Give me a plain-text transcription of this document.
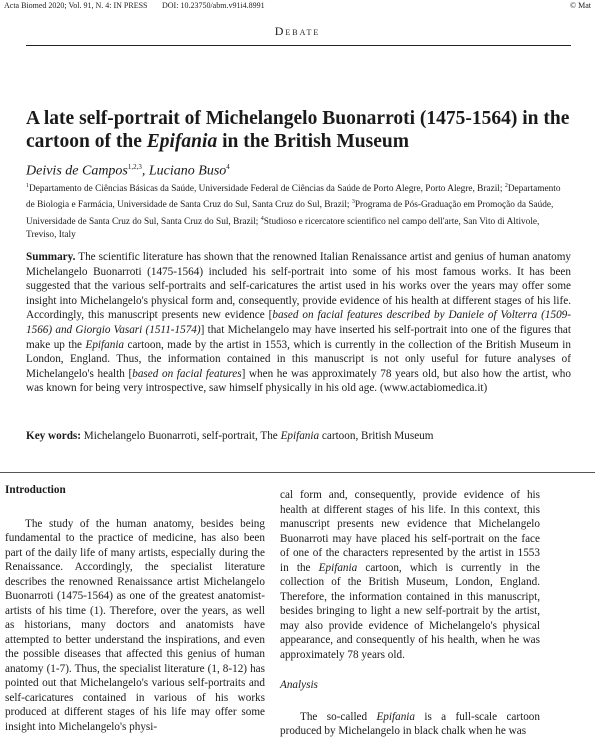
Acta Biomed 2020; Vol. 91, N. 4: IN PRESS DOI: 10.23750/abm.v91i4.8991	© Mat
Debate
A late self-portrait of Michelangelo Buonarroti (1475-1564) in the cartoon of the Epifania in the British Museum
Deivis de Campos$^{1,2,3}$, Luciano Buso$^4$
$^1$Departamento de Ciências Básicas da Saúde, Universidade Federal de Ciências da Saúde de Porto Alegre, Porto Alegre, Brazil; $^2$Departamento de Biologia e Farmácia, Universidade de Santa Cruz do Sul, Santa Cruz do Sul, Brazil; $^3$Programa de Pós-Graduação em Promoção da Saúde, Universidade de Santa Cruz do Sul, Santa Cruz do Sul, Brazil; $^4$Studioso e ricercatore scientifico nel campo dell'arte, San Vito di Altivole, Treviso, Italy

Summary. The scientific literature has shown that the renowned Italian Renaissance artist and genius of human anatomy Michelangelo Buonarroti (1475-1564) included his self-portrait into some of his most famous works. It has been suggested that the various self-portraits and self-caricatures the artist used in his works over the years may offer some insight into Michelangelo's physical form and, consequently, provide evidence of his health at different stages of his life. Accordingly, this manuscript presents new evidence [based on facial features described by Daniele of Volterra (1509-1566) and Giorgio Vasari (1511-1574)] that Michelangelo may have inserted his self-portrait into one of the figures that make up the Epifania cartoon, made by the artist in 1553, which is currently in the collection of the British Museum in London, England. Thus, the information contained in this manuscript is not only useful for future analyses of Michelangelo's health [based on facial features] when he was approximately 78 years old, but also how the artist, who was known for being very introspective, saw himself physically in his old age. (www.actabiomedica.it)

Key words: Michelangelo Buonarroti, self-portrait, The Epifania cartoon, British Museum

Introduction

The study of the human anatomy, besides being fundamental to the practice of medicine, has also been part of the daily life of many artists, especially during the Renaissance. Accordingly, the specialist literature describes the renowned Renaissance artist Michelangelo Buonarroti (1475-1564) as one of the greatest anatomist-artists of his time (1). Therefore, over the years, as well as historians, many doctors and anatomists have attempted to better understand the inspirations, and even the possible diseases that affected this genius of human anatomy (1-7). Thus, the specialist literature (1, 8-12) has pointed out that Michelangelo's various self-portraits and self-caricatures contained in various of his works produced at different stages of his life may offer some insight into Michelangelo's physi-

cal form and, consequently, provide evidence of his health at different stages of his life. In this context, this manuscript presents new evidence that Michelangelo Buonarroti may have placed his self-portrait on the face of one of the characters represented by the artist in 1553 in the Epifania cartoon, which is currently in the collection of the British Museum, London, England. Therefore, the information contained in this manuscript, besides bringing to light a new self-portrait by the artist, may also provide evidence of Michelangelo's physical appearance, and consequently of his health, when he was approximately 78 years old.

Analysis

The so-called Epifania is a full-scale cartoon produced by Michelangelo in black chalk when he was
